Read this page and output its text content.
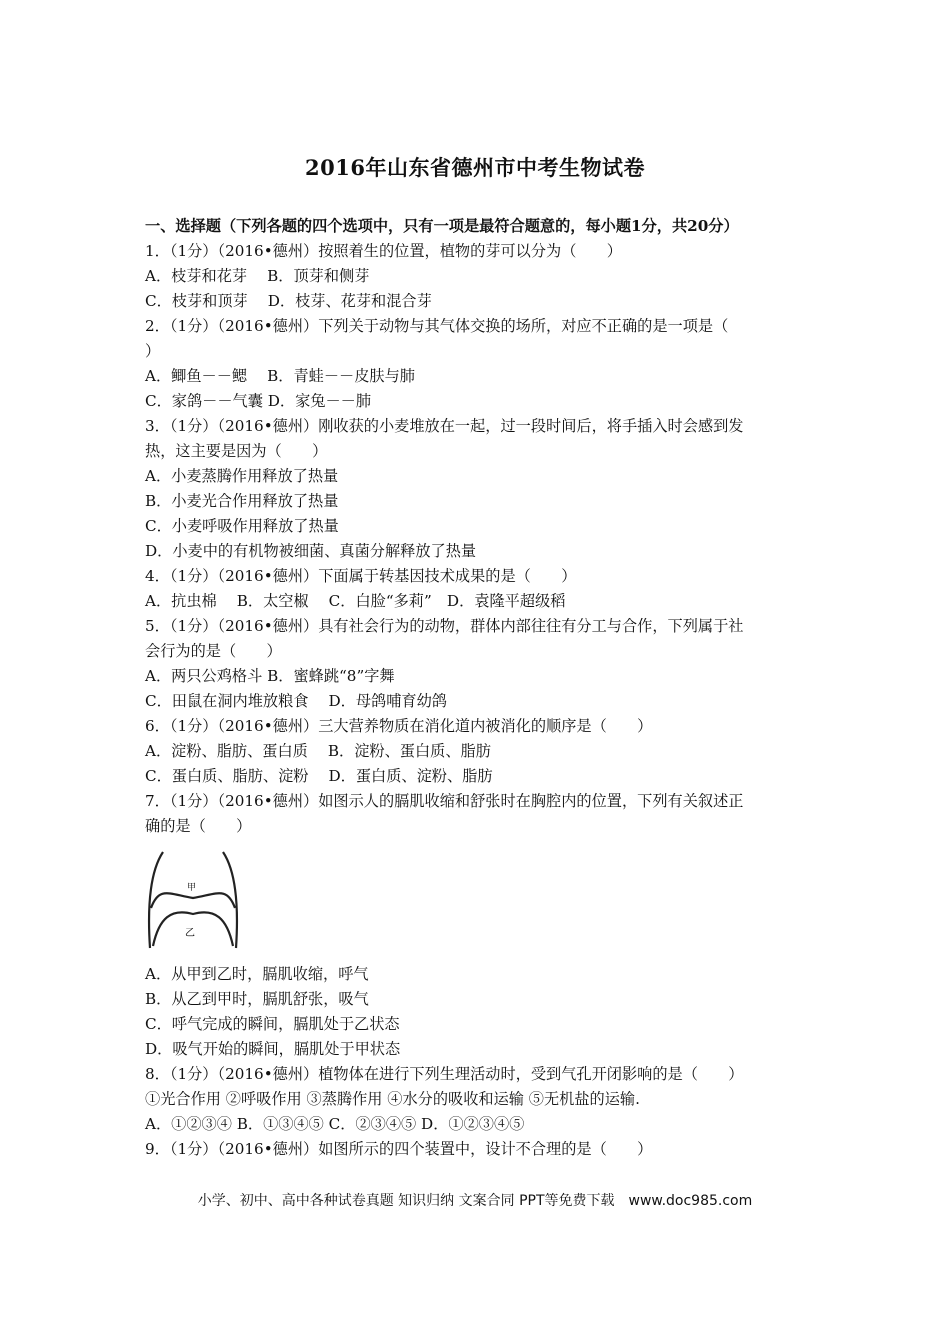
2016年山东省德州市中考生物试卷
一、选择题（下列各题的四个选项中，只有一项是最符合题意的，每小题1分，共20分）
1．（1分）（2016•德州）按照着生的位置，植物的芽可以分为（　　）
A．枝芽和花芽　 B．顶芽和侧芽
C．枝芽和顶芽　 D．枝芽、花芽和混合芽
2．（1分）（2016•德州）下列关于动物与其气体交换的场所，对应不正确的是一项是（
）
A．鲫鱼－－鳃　 B．青蛙－－皮肤与肺
C．家鸽－－气囊 D．家兔－－肺
3．（1分）（2016•德州）刚收获的小麦堆放在一起，过一段时间后，将手插入时会感到发
热，这主要是因为（　　）
A．小麦蒸腾作用释放了热量
B．小麦光合作用释放了热量
C．小麦呼吸作用释放了热量
D．小麦中的有机物被细菌、真菌分解释放了热量
4．（1分）（2016•德州）下面属于转基因技术成果的是（　　）
A．抗虫棉　 B．太空椒　 C．白脸“多莉”　D．袁隆平超级稻
5．（1分）（2016•德州）具有社会行为的动物，群体内部往往有分工与合作，下列属于社
会行为的是（　　）
A．两只公鸡格斗 B．蜜蜂跳“8”字舞
C．田鼠在洞内堆放粮食　 D．母鸽哺育幼鸽
6．（1分）（2016•德州）三大营养物质在消化道内被消化的顺序是（　　）
A．淀粉、脂肪、蛋白质　 B．淀粉、蛋白质、脂肪
C．蛋白质、脂肪、淀粉　 D．蛋白质、淀粉、脂肪
7．（1分）（2016•德州）如图示人的膈肌收缩和舒张时在胸腔内的位置，下列有关叙述正
确的是（　　）
甲
乙
A．从甲到乙时，膈肌收缩，呼气
B．从乙到甲时，膈肌舒张，吸气
C．呼气完成的瞬间，膈肌处于乙状态
D．吸气开始的瞬间，膈肌处于甲状态
8．（1分）（2016•德州）植物体在进行下列生理活动时，受到气孔开闭影响的是（　　）
①光合作用 ②呼吸作用 ③蒸腾作用 ④水分的吸收和运输 ⑤无机盐的运输.
A．①②③④ B．①③④⑤ C．②③④⑤ D．①②③④⑤
9．（1分）（2016•德州）如图所示的四个装置中，设计不合理的是（　　）
小学、初中、高中各种试卷真题 知识归纳 文案合同 PPT等免费下载　www.doc985.com
